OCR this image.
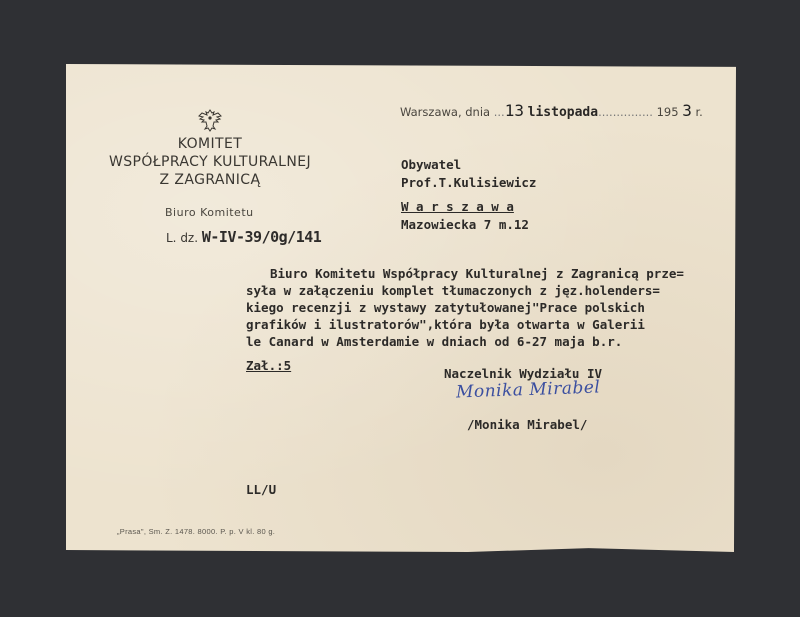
KOMITET
WSPÓŁPRACY KULTURALNEJ
Z ZAGRANICĄ
Biuro Komitetu
L. dz. W-IV-39/0g/141
Warszawa, dnia ...13 listopada............... 195 3 r.
Obywatel
Prof.T.Kulisiewicz
W a r s z a w a
Mazowiecka 7 m.12
Biuro Komitetu Współpracy Kulturalnej z Zagranicą prze=
syła w załączeniu komplet tłumaczonych z jęz.holenders=
kiego recenzji z wystawy zatytułowanej"Prace polskich
grafików i ilustratorów",która była otwarta w Galerii
le Canard w Amsterdamie w dniach od 6-27 maja b.r.
Zał.:5
Naczelnik Wydziału IV
Monika Mirabel
/Monika Mirabel/
LL/U
„Prasa", Sm. Z. 1478. 8000. P. p. V kl. 80 g.
